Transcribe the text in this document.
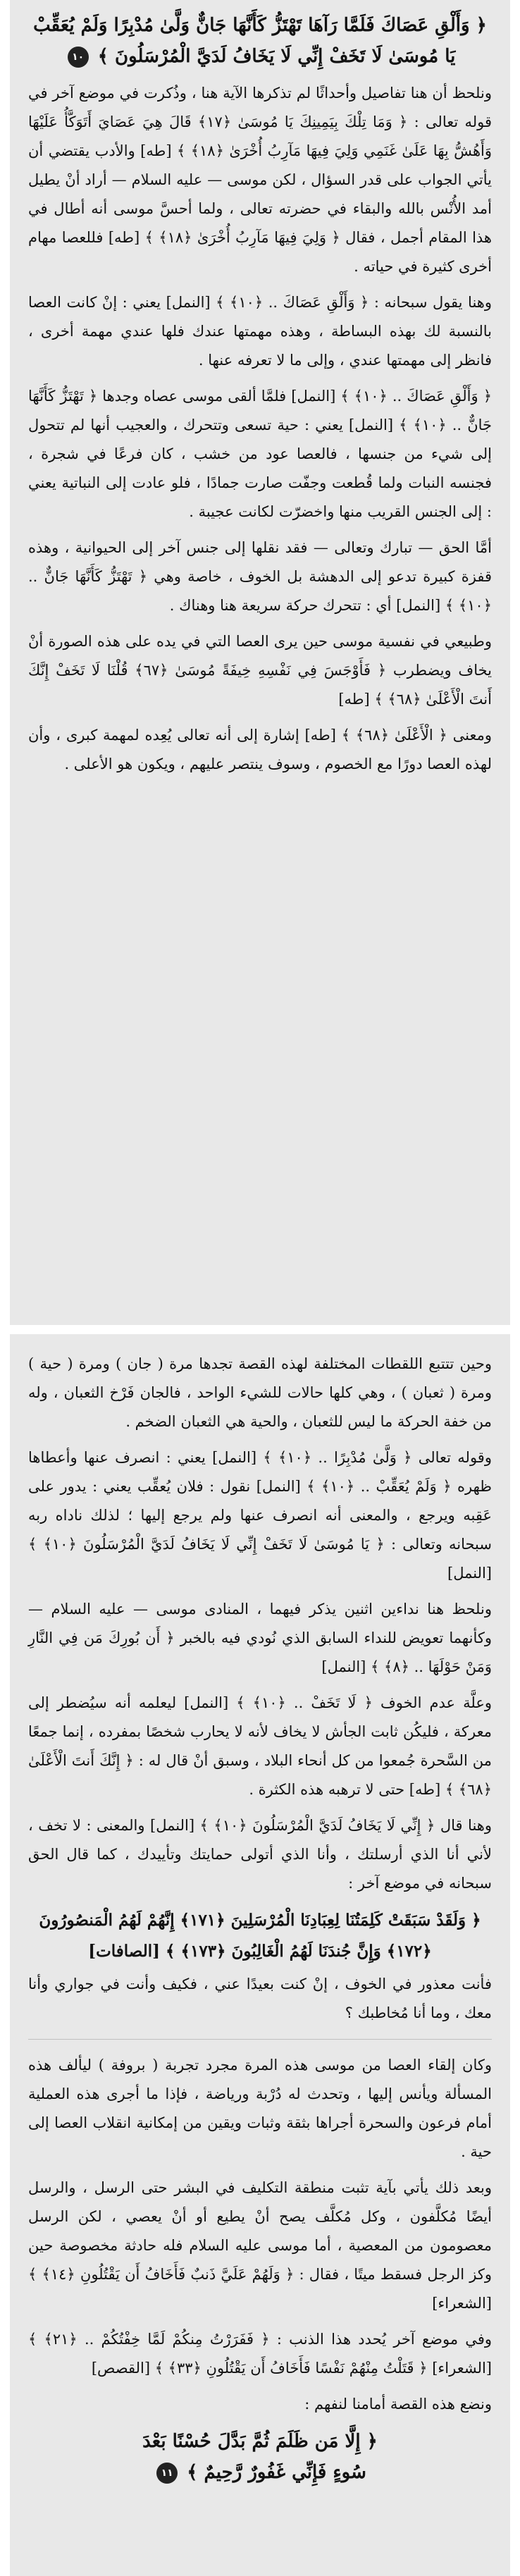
﴿ وَأَلْقِ عَصَاكَ فَلَمَّا رَآهَا تَهْتَزُّ كَأَنَّهَا جَانٌّ وَلَّىٰ مُدْبِرًا وَلَمْ يُعَقِّبْ
يَا مُوسَىٰ لَا تَخَفْ إِنِّي لَا يَخَافُ لَدَيَّ الْمُرْسَلُونَ ﴾ ١٠

ونلحظ أن هنا تفاصيل وأحداثًا لم تذكرها الآية هنا ، وذُكرت في موضع آخر في قوله تعالى : ﴿ وَمَا تِلْكَ بِيَمِينِكَ يَا مُوسَىٰ ﴿١٧﴾ قَالَ هِيَ عَصَايَ أَتَوَكَّأُ عَلَيْهَا وَأَهُشُّ بِهَا عَلَىٰ غَنَمِي وَلِيَ فِيهَا مَآرِبُ أُخْرَىٰ ﴿١٨﴾ ﴾ [طه] والأدب يقتضي أن يأتي الجواب على قدر السؤال ، لكن موسى — عليه السلام — أراد أنْ يطيل أمد الأُنْس بالله والبقاء في حضرته تعالى ، ولما أحسَّ موسى أنه أطال في هذا المقام أجمل ، فقال ﴿ وَلِيَ فِيهَا مَآرِبُ أُخْرَىٰ ﴿١٨﴾ ﴾ [طه] فللعصا مهام أخرى كثيرة في حياته .

وهنا يقول سبحانه : ﴿ وَأَلْقِ عَصَاكَ .. ﴿١٠﴾ ﴾ [النمل] يعني : إنْ كانت العصا بالنسبة لك بهذه البساطة ، وهذه مهمتها عندك فلها عندي مهمة أخرى ، فانظر إلى مهمتها عندي ، وإلى ما لا تعرفه عنها .

﴿ وَأَلْقِ عَصَاكَ .. ﴿١٠﴾ ﴾ [النمل] فلمَّا ألقى موسى عصاه وجدها ﴿ تَهْتَزُّ كَأَنَّهَا جَانٌّ .. ﴿١٠﴾ ﴾ [النمل] يعني : حية تسعى وتتحرك ، والعجيب أنها لم تتحول إلى شيء من جنسها ، فالعصا عود من خشب ، كان فرعًا في شجرة ، فجنسه النبات ولما قُطعت وجفّت صارت جمادًا ، فلو عادت إلى النباتية يعني : إلى الجنس القريب منها واخضرّت لكانت عجيبة .

أمَّا الحق — تبارك وتعالى — فقد نقلها إلى جنس آخر إلى الحيوانية ، وهذه قفزة كبيرة تدعو إلى الدهشة بل الخوف ، خاصة وهي ﴿ تَهْتَزُّ كَأَنَّهَا جَانٌّ .. ﴿١٠﴾ ﴾ [النمل] أي : تتحرك حركة سريعة هنا وهناك .

وطبيعي في نفسية موسى حين يرى العصا التي في يده على هذه الصورة أنْ يخاف ويضطرب ﴿ فَأَوْجَسَ فِي نَفْسِهِ خِيفَةً مُوسَىٰ ﴿٦٧﴾ قُلْنَا لَا تَخَفْ إِنَّكَ أَنتَ الْأَعْلَىٰ ﴿٦٨﴾ ﴾ [طه]

ومعنى ﴿ الْأَعْلَىٰ ﴿٦٨﴾ ﴾ [طه] إشارة إلى أنه تعالى يُعِده لمهمة كبرى ، وأن لهذه العصا دورًا مع الخصوم ، وسوف ينتصر عليهم ، ويكون هو الأعلى .

وحين تتتبع اللقطات المختلفة لهذه القصة تجدها مرة ( جان ) ومرة ( حية ) ومرة ( ثعبان ) ، وهي كلها حالات للشيء الواحد ، فالجان فَرْخ الثعبان ، وله من خفة الحركة ما ليس للثعبان ، والحية هي الثعبان الضخم .

وقوله تعالى ﴿ وَلَّىٰ مُدْبِرًا .. ﴿١٠﴾ ﴾ [النمل] يعني : انصرف عنها وأعطاها ظهره ﴿ وَلَمْ يُعَقِّبْ .. ﴿١٠﴾ ﴾ [النمل] نقول : فلان يُعقِّب يعني : يدور على عَقِبه ويرجع ، والمعنى أنه انصرف عنها ولم يرجع إليها ؛ لذلك ناداه ربه سبحانه وتعالى : ﴿ يَا مُوسَىٰ لَا تَخَفْ إِنِّي لَا يَخَافُ لَدَيَّ الْمُرْسَلُونَ ﴿١٠﴾ ﴾ [النمل]

ونلحظ هنا نداءين اثنين يذكر فيهما ، المنادى موسى — عليه السلام — وكأنهما تعويض للنداء السابق الذي نُودي فيه بالخبر ﴿ أَن بُورِكَ مَن فِي النَّارِ وَمَنْ حَوْلَهَا .. ﴿٨﴾ ﴾ [النمل]

وعلَّة عدم الخوف ﴿ لَا تَخَفْ .. ﴿١٠﴾ ﴾ [النمل] ليعلمه أنه سيُضطر إلى معركة ، فليكُن ثابت الجأش لا يخاف لأنه لا يحارب شخصًا بمفرده ، إنما جمعًا من السَّحرة جُمعوا من كل أنحاء البلاد ، وسبق أنْ قال له : ﴿ إِنَّكَ أَنتَ الْأَعْلَىٰ ﴿٦٨﴾ ﴾ [طه] حتى لا ترهبه هذه الكثرة .

وهنا قال ﴿ إِنِّي لَا يَخَافُ لَدَيَّ الْمُرْسَلُونَ ﴿١٠﴾ ﴾ [النمل] والمعنى : لا تخف ، لأني أنا الذي أرسلتك ، وأنا الذي أتولى حمايتك وتأييدك ، كما قال الحق سبحانه في موضع آخر :

﴿ وَلَقَدْ سَبَقَتْ كَلِمَتُنَا لِعِبَادِنَا الْمُرْسَلِينَ ﴿١٧١﴾ إِنَّهُمْ لَهُمُ الْمَنصُورُونَ ﴿١٧٢﴾ وَإِنَّ جُندَنَا لَهُمُ الْغَالِبُونَ ﴿١٧٣﴾ ﴾ [الصافات]

فأنت معذور في الخوف ، إنْ كنت بعيدًا عني ، فكيف وأنت في جواري وأنا معك ، وما أنا مُخاطبك ؟

وكان إلقاء العصا من موسى هذه المرة مجرد تجربة ( بروفة ) ليألف هذه المسألة ويأنس إليها ، وتحدث له دُرْبة ورياضة ، فإذا ما أجرى هذه العملية أمام فرعون والسحرة أجراها بثقة وثبات ويقين من إمكانية انقلاب العصا إلى حية .

وبعد ذلك يأتي بآية تثبت منطقة التكليف في البشر حتى الرسل ، والرسل أيضًا مُكلَّفون ، وكل مُكلَّف يصح أنْ يطيع أو أنْ يعصي ، لكن الرسل معصومون من المعصية ، أما موسى عليه السلام فله حادثة مخصوصة حين وكز الرجل فسقط ميتًا ، فقال : ﴿ وَلَهُمْ عَلَيَّ ذَنبٌ فَأَخَافُ أَن يَقْتُلُونِ ﴿١٤﴾ ﴾ [الشعراء]

وفي موضع آخر يُحدد هذا الذنب : ﴿ فَفَرَرْتُ مِنكُمْ لَمَّا خِفْتُكُمْ .. ﴿٢١﴾ ﴾ [الشعراء] ﴿ قَتَلْتُ مِنْهُمْ نَفْسًا فَأَخَافُ أَن يَقْتُلُونِ ﴿٣٣﴾ ﴾ [القصص]

ونضع هذه القصة أمامنا لنفهم :

﴿ إِلَّا مَن ظَلَمَ ثُمَّ بَدَّلَ حُسْنًا بَعْدَ
سُوءٍ فَإِنِّي غَفُورٌ رَّحِيمٌ ﴾ ١١
